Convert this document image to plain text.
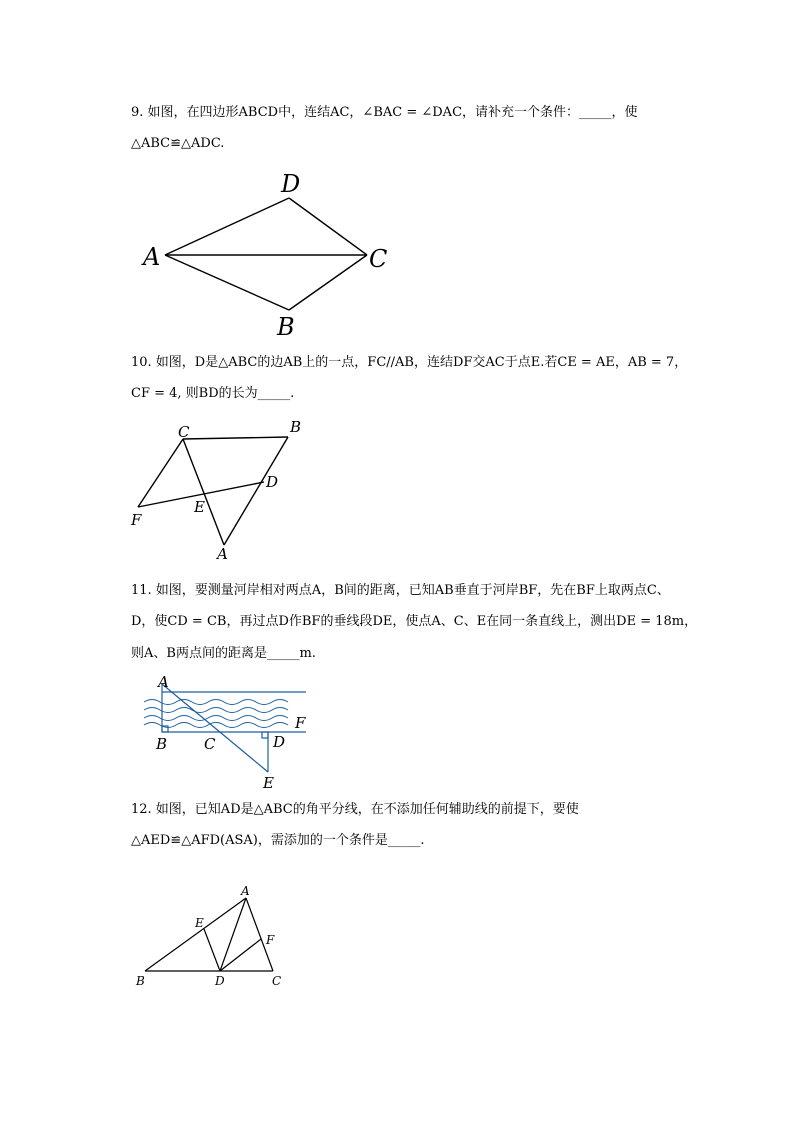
9. 如图，在四边形ABCD中，连结AC，∠BAC = ∠DAC，请补充一个条件：_____，使
△ABC≌△ADC.
D
A	C
B
10. 如图，D是△ABC的边AB上的一点，FC//AB，连结DF交AC于点E.若CE = AE，AB = 7，
CF = 4, 则BD的长为_____.
C	B
D
E
F
A
11. 如图，要测量河岸相对两点A，B间的距离，已知AB垂直于河岸BF，先在BF上取两点C、
D，使CD = CB，再过点D作BF的垂线段DE，使点A、C、E在同一条直线上，测出DE = 18m，
则A、B两点间的距离是_____m.
A
B C	D
F
E
12. 如图，已知AD是△ABC的角平分线，在不添加任何辅助线的前提下，要使
△AED≌△AFD(ASA)，需添加的一个条件是_____.
A
E
F
B	D	C
